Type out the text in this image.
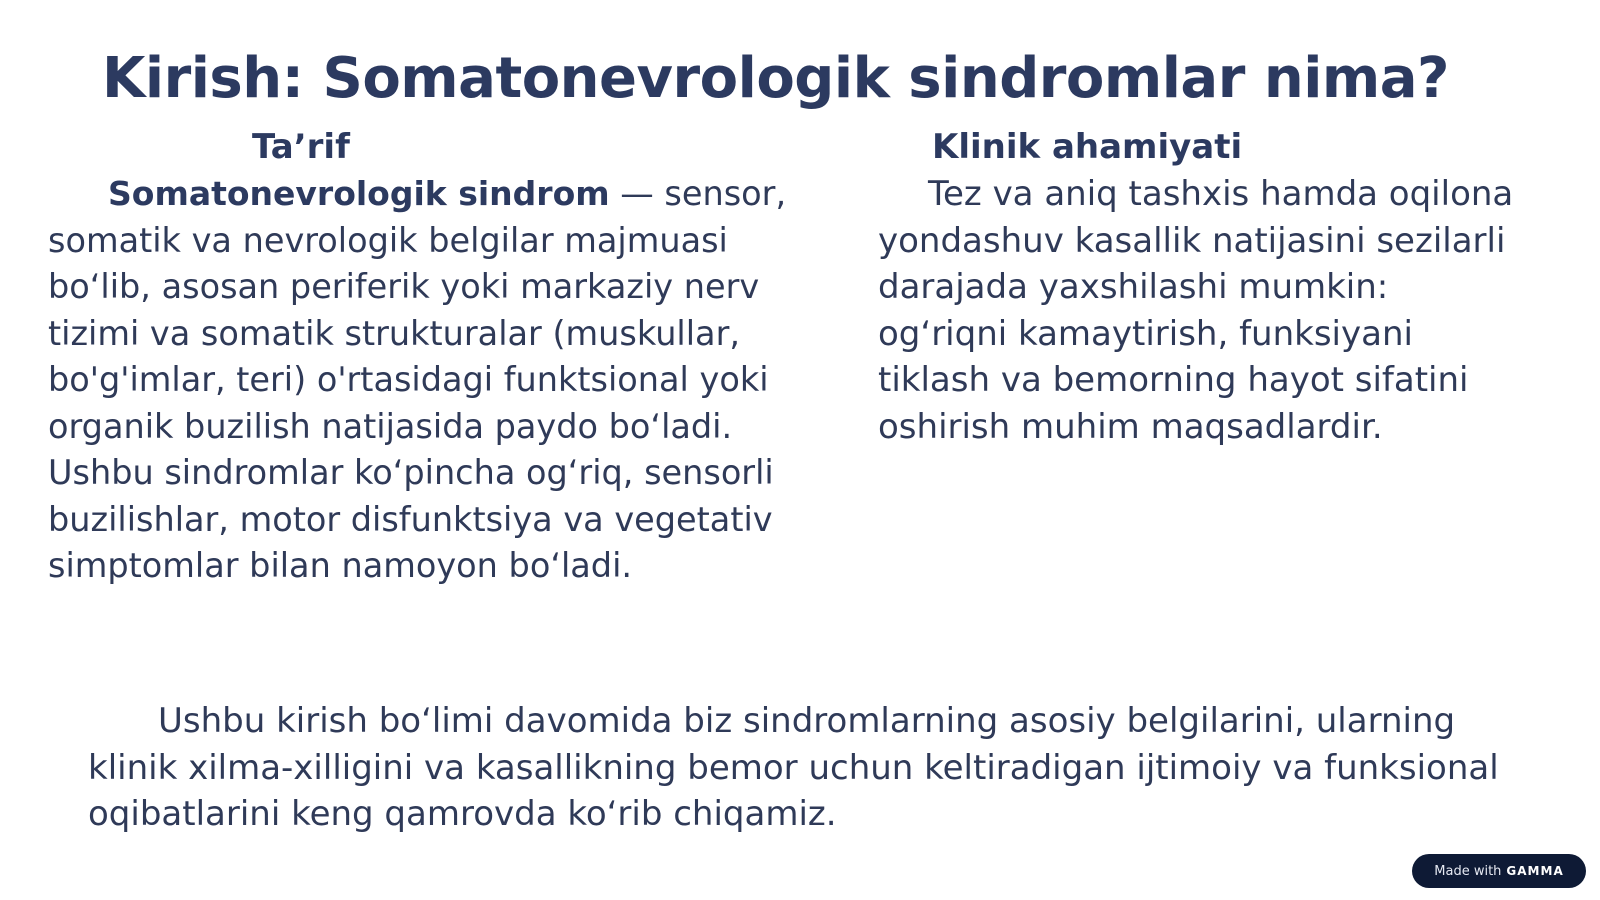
Kirish: Somatonevrologik sindromlar nima?
Ta’rif	Klinik ahamiyati

Somatonevrologik sindrom — sensor, somatik va nevrologik belgilar majmuasi bo‘lib, asosan periferik yoki markaziy nerv tizimi va somatik strukturalar (muskullar, bo'g'imlar, teri) o'rtasidagi funktsional yoki organik buzilish natijasida paydo bo‘ladi. Ushbu sindromlar ko‘pincha og‘riq, sensorli buzilishlar, motor disfunktsiya va vegetativ simptomlar bilan namoyon bo‘ladi.

Tez va aniq tashxis hamda oqilona yondashuv kasallik natijasini sezilarli darajada yaxshilashi mumkin: og‘riqni kamaytirish, funksiyani tiklash va bemorning hayot sifatini oshirish muhim maqsadlardir.

Ushbu kirish bo‘limi davomida biz sindromlarning asosiy belgilarini, ularning klinik xilma-xilligini va kasallikning bemor uchun keltiradigan ijtimoiy va funksional oqibatlarini keng qamrovda ko‘rib chiqamiz.

Made with GAMMA
